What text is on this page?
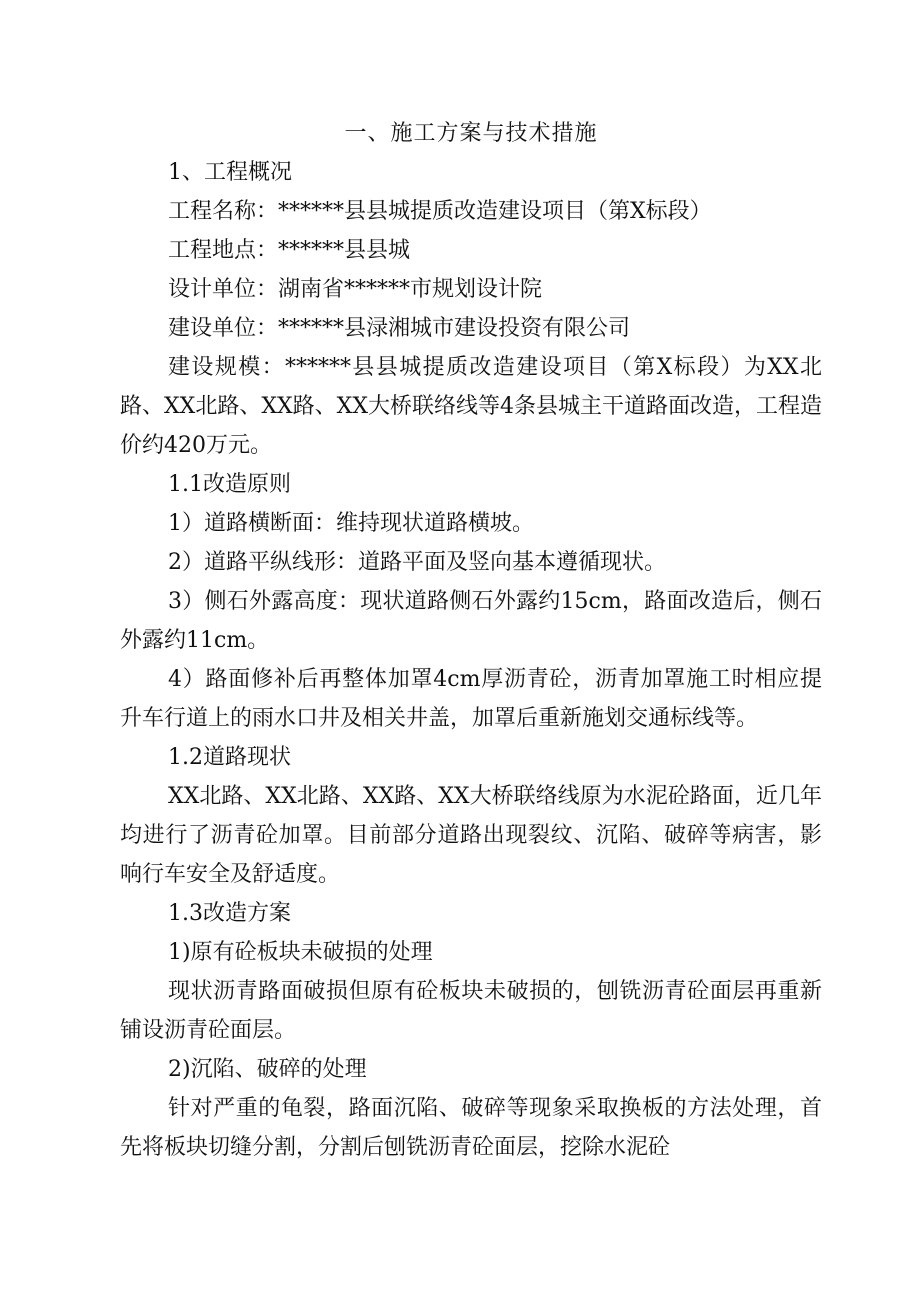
一、施工方案与技术措施

1、工程概况

工程名称：******县县城提质改造建设项目（第X标段）

工程地点：******县县城

设计单位：湖南省******市规划设计院

建设单位：******县渌湘城市建设投资有限公司

建设规模：******县县城提质改造建设项目（第X标段）为XX北路、XX北路、XX路、XX大桥联络线等4条县城主干道路面改造，工程造价约420万元。

1.1改造原则

1）道路横断面：维持现状道路横坡。

2）道路平纵线形：道路平面及竖向基本遵循现状。

3）侧石外露高度：现状道路侧石外露约15cm，路面改造后，侧石外露约11cm。

4）路面修补后再整体加罩4cm厚沥青砼，沥青加罩施工时相应提升车行道上的雨水口井及相关井盖，加罩后重新施划交通标线等。

1.2道路现状

XX北路、XX北路、XX路、XX大桥联络线原为水泥砼路面，近几年均进行了沥青砼加罩。目前部分道路出现裂纹、沉陷、破碎等病害，影响行车安全及舒适度。

1.3改造方案

1)原有砼板块未破损的处理

现状沥青路面破损但原有砼板块未破损的，刨铣沥青砼面层再重新铺设沥青砼面层。

2)沉陷、破碎的处理

针对严重的龟裂，路面沉陷、破碎等现象采取换板的方法处理，首先将板块切缝分割，分割后刨铣沥青砼面层，挖除水泥砼
